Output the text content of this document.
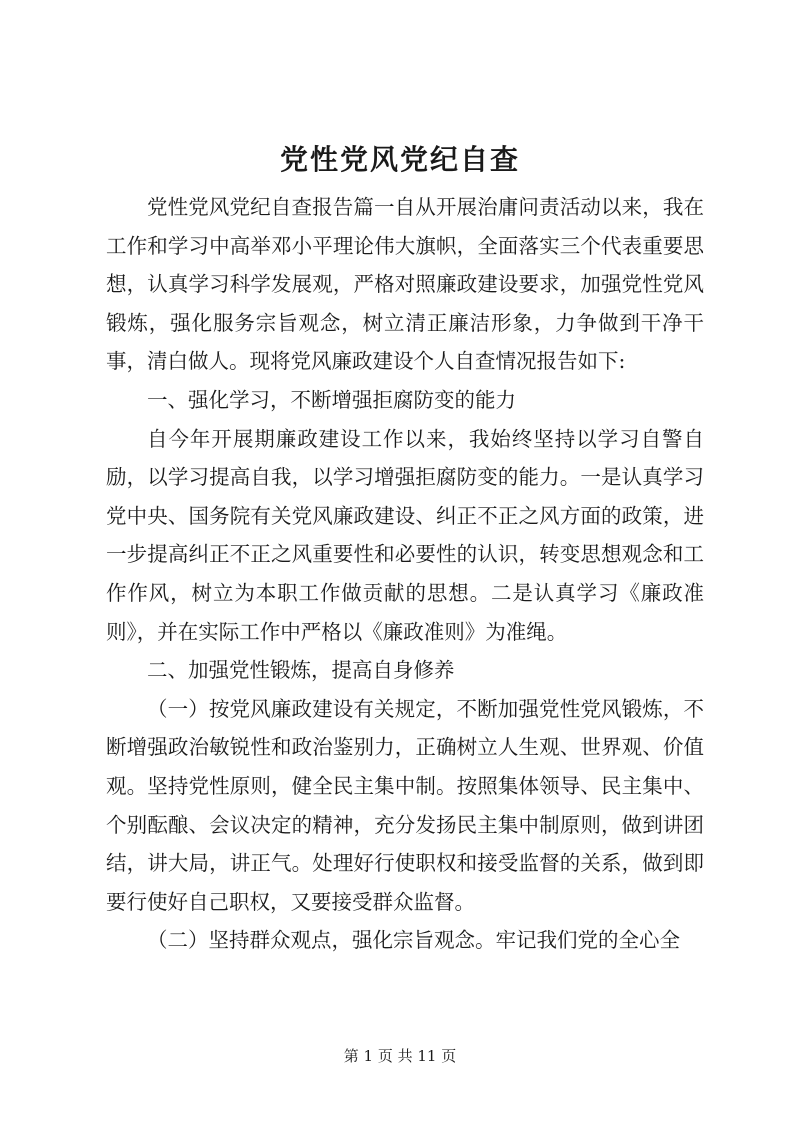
党性党风党纪自查

党性党风党纪自查报告篇一自从开展治庸问责活动以来，我在工作和学习中高举邓小平理论伟大旗帜，全面落实三个代表重要思想，认真学习科学发展观，严格对照廉政建设要求，加强党性党风锻炼，强化服务宗旨观念，树立清正廉洁形象，力争做到干净干事，清白做人。现将党风廉政建设个人自查情况报告如下:

一、强化学习，不断增强拒腐防变的能力

自今年开展期廉政建设工作以来，我始终坚持以学习自警自励，以学习提高自我，以学习增强拒腐防变的能力。一是认真学习党中央、国务院有关党风廉政建设、纠正不正之风方面的政策，进一步提高纠正不正之风重要性和必要性的认识，转变思想观念和工作作风，树立为本职工作做贡献的思想。二是认真学习《廉政准则》，并在实际工作中严格以《廉政准则》为准绳。

二、加强党性锻炼，提高自身修养

（一）按党风廉政建设有关规定，不断加强党性党风锻炼，不断增强政治敏锐性和政治鉴别力，正确树立人生观、世界观、价值观。坚持党性原则，健全民主集中制。按照集体领导、民主集中、个别酝酿、会议决定的精神，充分发扬民主集中制原则，做到讲团结，讲大局，讲正气。处理好行使职权和接受监督的关系，做到即要行使好自己职权，又要接受群众监督。

（二）坚持群众观点，强化宗旨观念。牢记我们党的全心全

第 1 页 共 11 页
